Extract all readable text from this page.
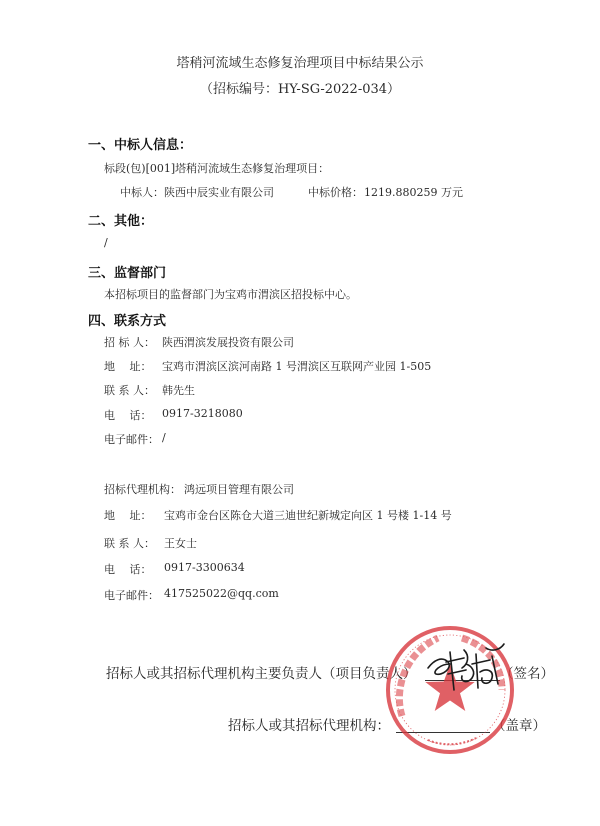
塔稍河流域生态修复治理项目中标结果公示
（招标编号：HY-SG-2022-034）
一、中标人信息：
标段(包)[001]塔稍河流域生态修复治理项目：
中标人： 陕西中辰实业有限公司	中标价格： 1219.880259 万元
二、其他：
/
三、监督部门
本招标项目的监督部门为宝鸡市渭滨区招投标中心。
四、联系方式
招 标 人： 陕西渭滨发展投资有限公司
地　 址： 宝鸡市渭滨区滨河南路 1 号渭滨区互联网产业园 1-505
联 系 人： 韩先生
电　 话： 0917-3218080
电子邮件： /
招标代理机构： 鸿远项目管理有限公司
地　 址： 宝鸡市金台区陈仓大道三迪世纪新城定向区 1 号楼 1-14 号
联 系 人： 王女士
电　 话： 0917-3300634
电子邮件： 417525022@qq.com
招标人或其招标代理机构主要负责人（项目负责人）	（签名）
招标人或其招标代理机构：	（盖章）
